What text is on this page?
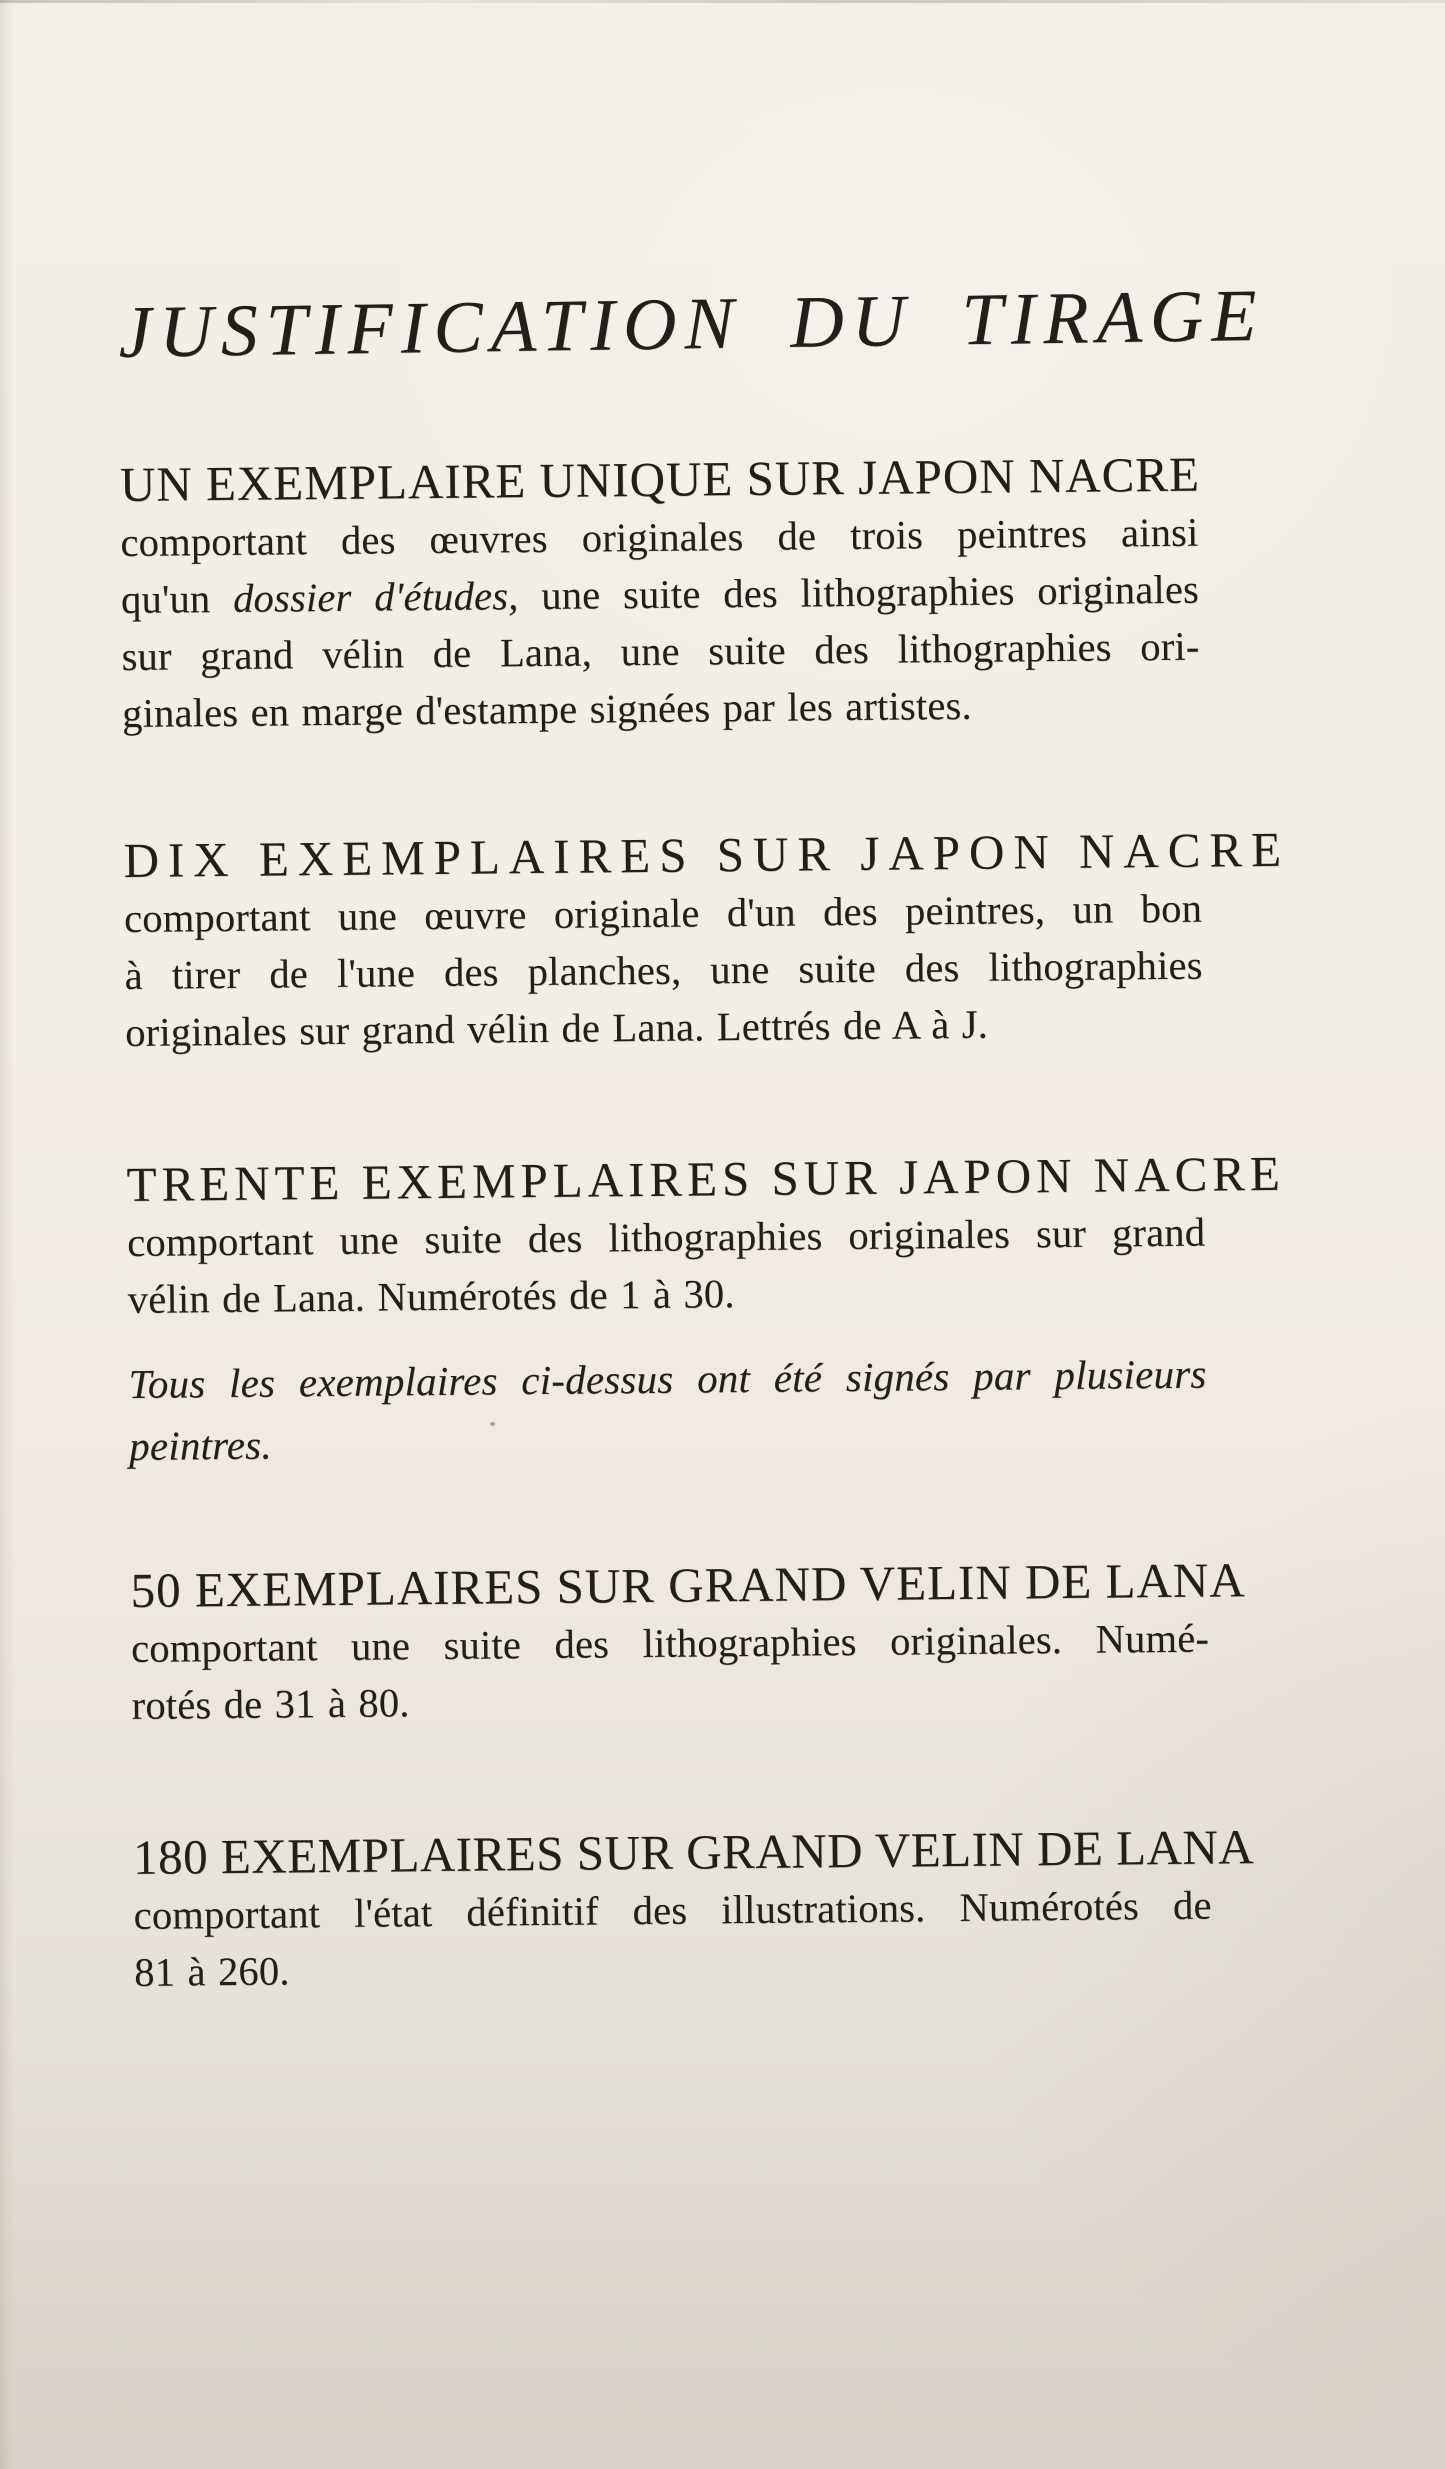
JUSTIFICATION DU TIRAGE
UN EXEMPLAIRE UNIQUE SUR JAPON NACRE
comportant des œuvres originales de trois peintres ainsi
qu'un dossier d'études, une suite des lithographies originales
sur grand vélin de Lana, une suite des lithographies ori-
ginales en marge d'estampe signées par les artistes.
DIX EXEMPLAIRES SUR JAPON NACRE
comportant une œuvre originale d'un des peintres, un bon
à tirer de l'une des planches, une suite des lithographies
originales sur grand vélin de Lana. Lettrés de A à J.
TRENTE EXEMPLAIRES SUR JAPON NACRE
comportant une suite des lithographies originales sur grand
vélin de Lana. Numérotés de 1 à 30.
Tous les exemplaires ci-dessus ont été signés par plusieurs
peintres.
50 EXEMPLAIRES SUR GRAND VELIN DE LANA
comportant une suite des lithographies originales. Numé-
rotés de 31 à 80.
180 EXEMPLAIRES SUR GRAND VELIN DE LANA
comportant l'état définitif des illustrations. Numérotés de
81 à 260.
